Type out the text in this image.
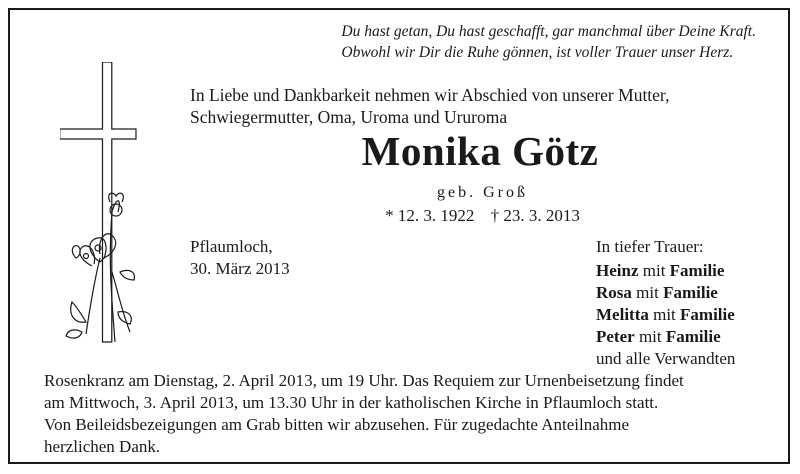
Du hast getan, Du hast geschafft, gar manchmal über Deine Kraft.
Obwohl wir Dir die Ruhe gönnen, ist voller Trauer unser Herz.
In Liebe und Dankbarkeit nehmen wir Abschied von unserer Mutter,
Schwiegermutter, Oma, Uroma und Ururoma
Monika Götz
geb. Groß
* 12. 3. 1922 † 23. 3. 2013
Pflaumloch,
30. März 2013
In tiefer Trauer:
Heinz mit Familie
Rosa mit Familie
Melitta mit Familie
Peter mit Familie
und alle Verwandten
Rosenkranz am Dienstag, 2. April 2013, um 19 Uhr. Das Requiem zur Urnenbeisetzung findet
am Mittwoch, 3. April 2013, um 13.30 Uhr in der katholischen Kirche in Pflaumloch statt.
Von Beileidsbezeigungen am Grab bitten wir abzusehen. Für zugedachte Anteilnahme
herzlichen Dank.
